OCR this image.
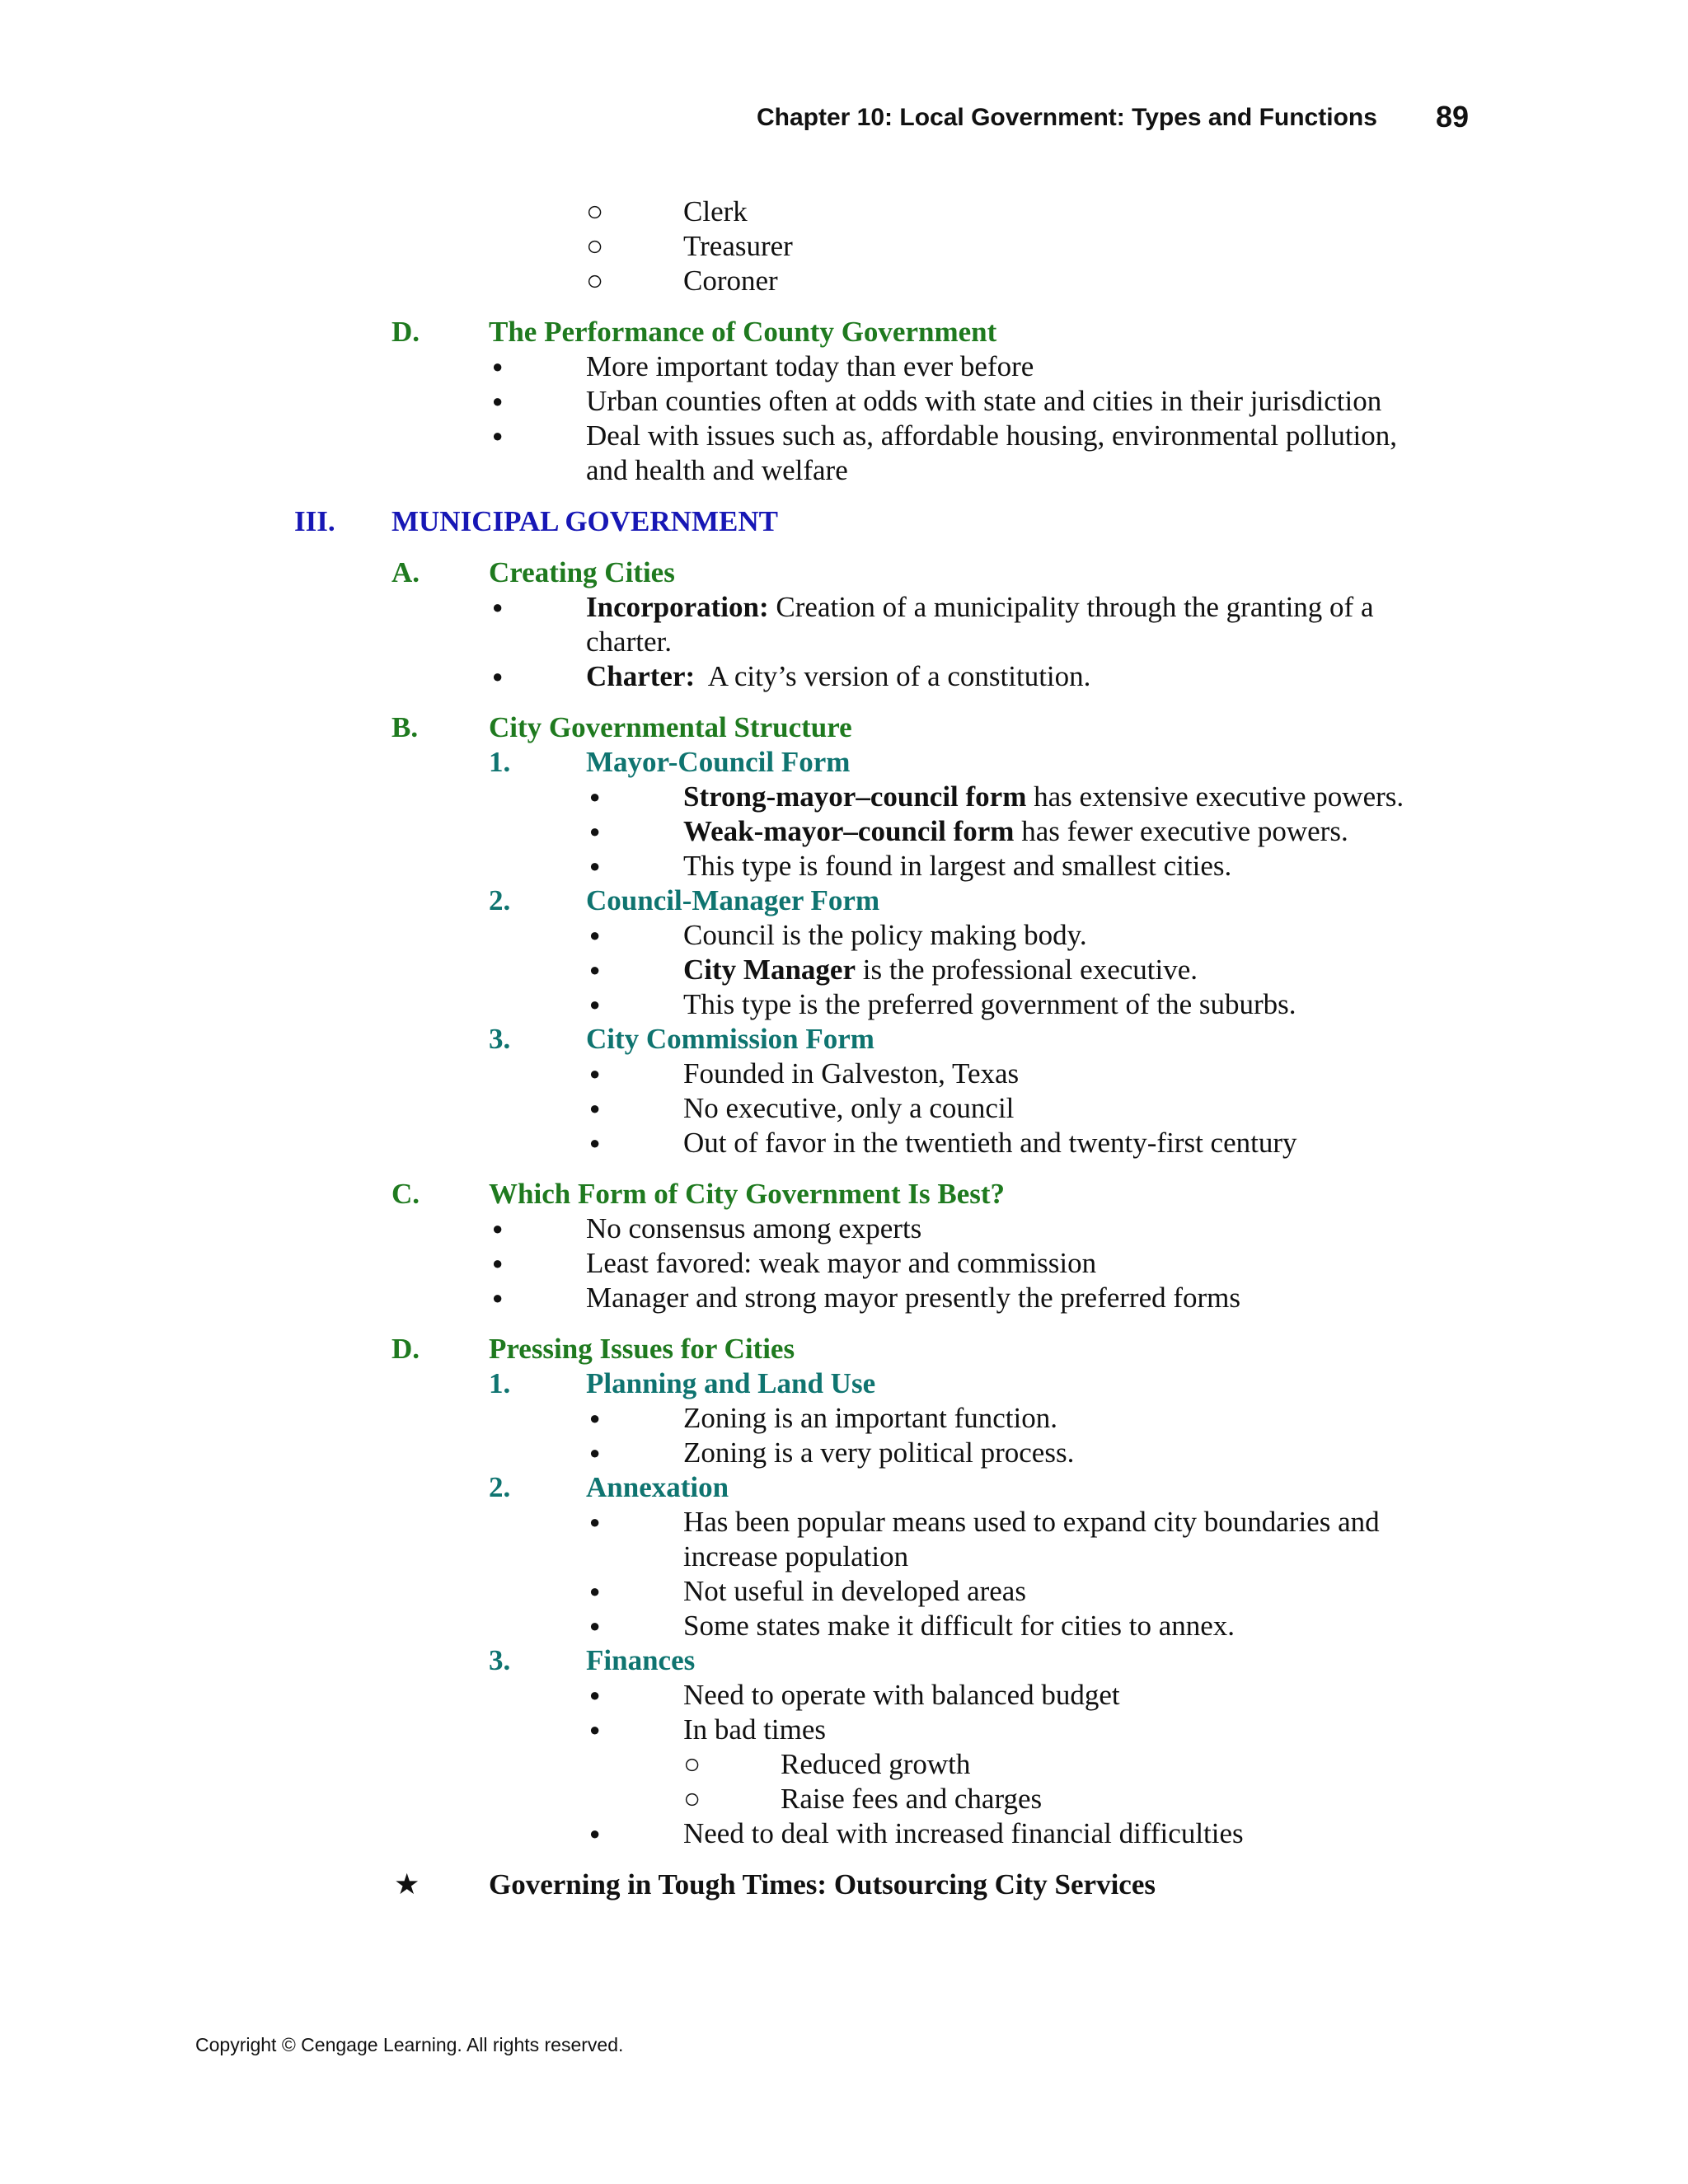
Chapter 10: Local Government: Types and Functions 89
○	Clerk
○	Treasurer
○	Coroner
D. The Performance of County Government
●	More important today than ever before
●	Urban counties often at odds with state and cities in their jurisdiction
●	Deal with issues such as, affordable housing, environmental pollution, and health and welfare
III. MUNICIPAL GOVERNMENT
A. Creating Cities
●	Incorporation: Creation of a municipality through the granting of a charter.
●	Charter:  A city’s version of a constitution.
B. City Governmental Structure
1.	Mayor-Council Form
●	Strong-mayor–council form has extensive executive powers.
●	Weak-mayor–council form has fewer executive powers.
●	This type is found in largest and smallest cities.
2.	Council-Manager Form
●	Council is the policy making body.
●	City Manager is the professional executive.
●	This type is the preferred government of the suburbs.
3.	City Commission Form
●	Founded in Galveston, Texas
●	No executive, only a council
●	Out of favor in the twentieth and twenty-first century
C. Which Form of City Government Is Best?
●	No consensus among experts
●	Least favored: weak mayor and commission
●	Manager and strong mayor presently the preferred forms
D. Pressing Issues for Cities
1.	Planning and Land Use
●	Zoning is an important function.
●	Zoning is a very political process.
2.	Annexation
●	Has been popular means used to expand city boundaries and increase population
●	Not useful in developed areas
●	Some states make it difficult for cities to annex.
3.	Finances
●	Need to operate with balanced budget
●	In bad times
○	Reduced growth
○	Raise fees and charges
●	Need to deal with increased financial difficulties
★ Governing in Tough Times: Outsourcing City Services
Copyright © Cengage Learning. All rights reserved.
